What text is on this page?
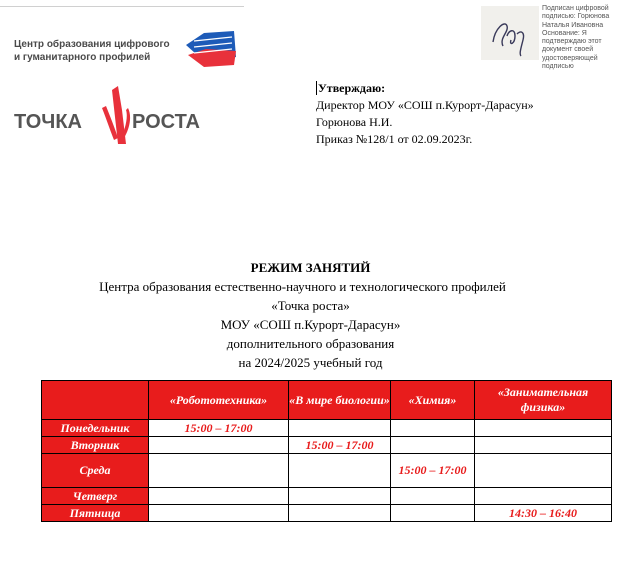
Центр образования цифрового
и гуманитарного профилей
ТОЧКА	РОСТА
Подписан цифровой
подписью: Горюнова
Наталья Ивановна
Основание: Я
подтверждаю этот
документ своей
удостоверяющей
подписью
Утверждаю:
Директор МОУ «СОШ п.Курорт-Дарасун»
Горюнова Н.И.
Приказ №128/1 от 02.09.2023г.
РЕЖИМ ЗАНЯТИЙ
Центра образования естественно-научного и технологического профилей
«Точка роста»
МОУ «СОШ п.Курорт-Дарасун»
дополнительного образования
на 2024/2025 учебный год
	«Робототехника»	«В мире биологии»	«Химия»	«Занимательная физика»
Понедельник	15:00 – 17:00			
Вторник		15:00 – 17:00		
Среда			15:00 – 17:00	
Четверг				
Пятница				14:30 – 16:40
